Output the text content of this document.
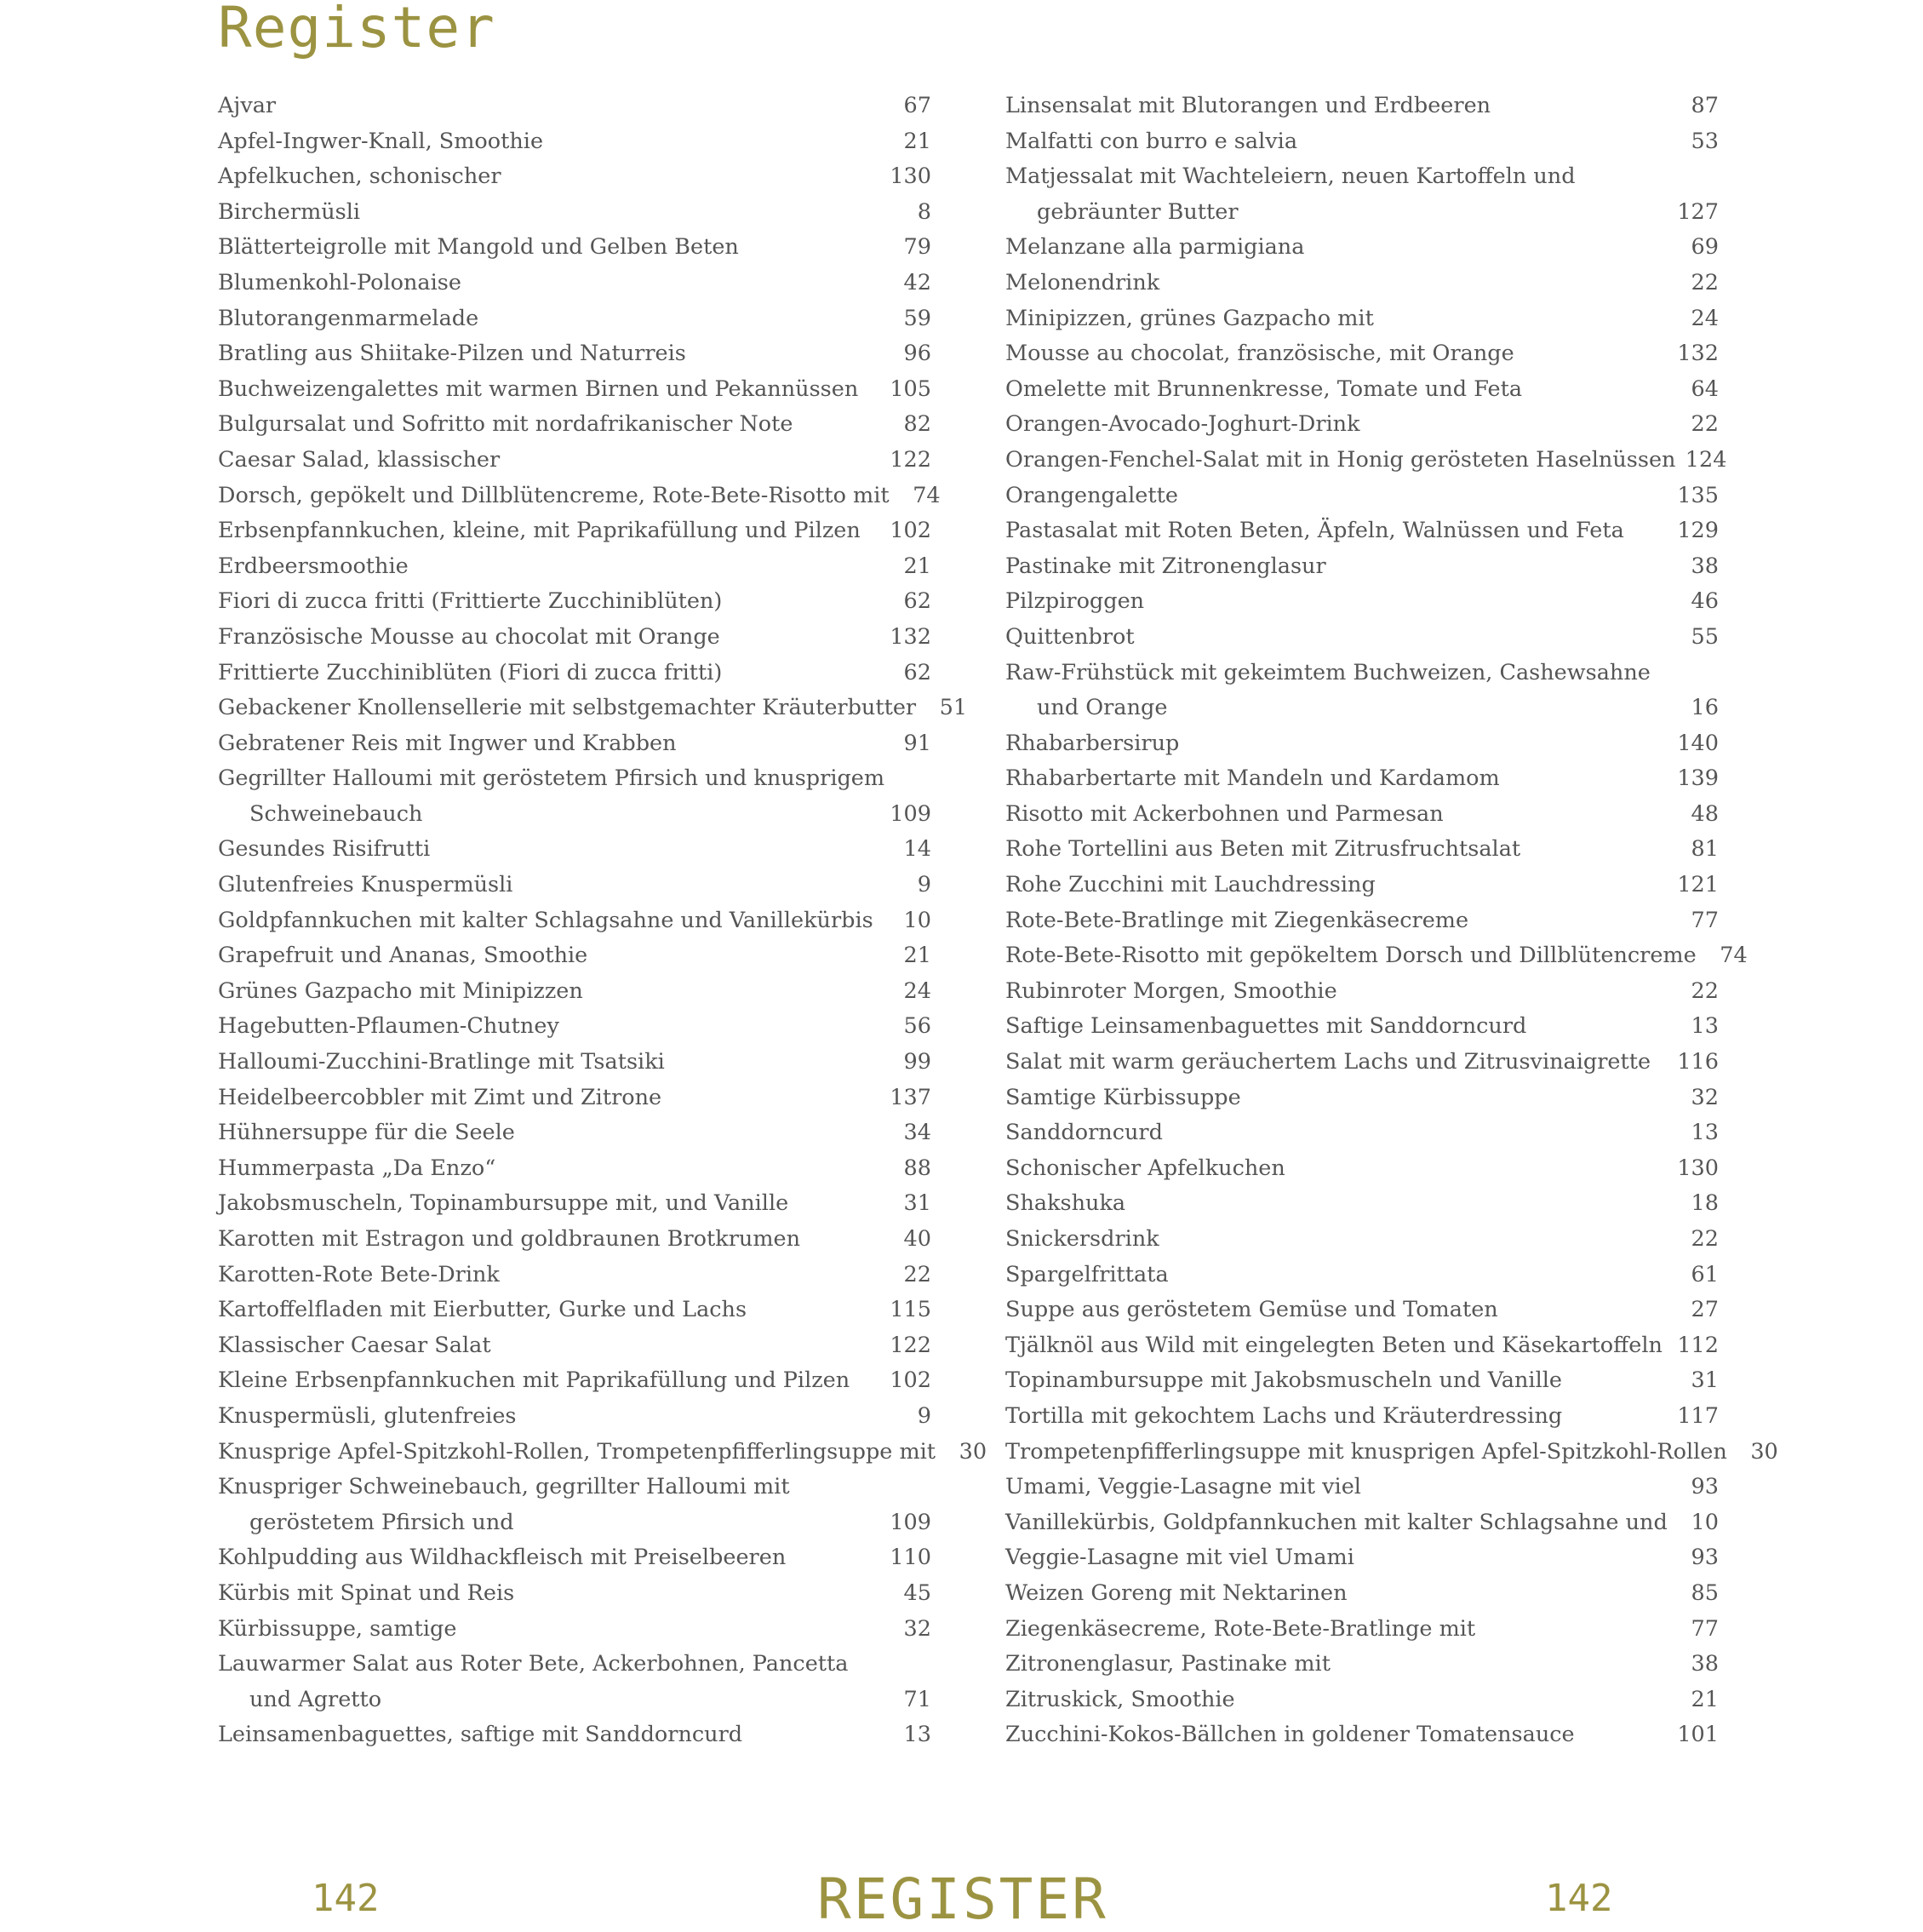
Register
Ajvar	67
Apfel-Ingwer-Knall, Smoothie	21
Apfelkuchen, schonischer	130
Birchermüsli	8
Blätterteigrolle mit Mangold und Gelben Beten	79
Blumenkohl-Polonaise	42
Blutorangenmarmelade	59
Bratling aus Shiitake-Pilzen und Naturreis	96
Buchweizengalettes mit warmen Birnen und Pekannüssen	105
Bulgursalat und Sofritto mit nordafrikanischer Note	82
Caesar Salad, klassischer	122
Dorsch, gepökelt und Dillblütencreme, Rote-Bete-Risotto mit	74
Erbsenpfannkuchen, kleine, mit Paprikafüllung und Pilzen	102
Erdbeersmoothie	21
Fiori di zucca fritti (Frittierte Zucchiniblüten)	62
Französische Mousse au chocolat mit Orange	132
Frittierte Zucchiniblüten (Fiori di zucca fritti)	62
Gebackener Knollensellerie mit selbstgemachter Kräuterbutter	51
Gebratener Reis mit Ingwer und Krabben	91
Gegrillter Halloumi mit geröstetem Pfirsich und knusprigem
Schweinebauch	109
Gesundes Risifrutti	14
Glutenfreies Knuspermüsli	9
Goldpfannkuchen mit kalter Schlagsahne und Vanillekürbis	10
Grapefruit und Ananas, Smoothie	21
Grünes Gazpacho mit Minipizzen	24
Hagebutten-Pflaumen-Chutney	56
Halloumi-Zucchini-Bratlinge mit Tsatsiki	99
Heidelbeercobbler mit Zimt und Zitrone	137
Hühnersuppe für die Seele	34
Hummerpasta „Da Enzo“	88
Jakobsmuscheln, Topinambursuppe mit, und Vanille	31
Karotten mit Estragon und goldbraunen Brotkrumen	40
Karotten-Rote Bete-Drink	22
Kartoffelfladen mit Eierbutter, Gurke und Lachs	115
Klassischer Caesar Salat	122
Kleine Erbsenpfannkuchen mit Paprikafüllung und Pilzen	102
Knuspermüsli, glutenfreies	9
Knusprige Apfel-Spitzkohl-Rollen, Trompetenpfifferlingsuppe mit	30
Knuspriger Schweinebauch, gegrillter Halloumi mit
geröstetem Pfirsich und	109
Kohlpudding aus Wildhackfleisch mit Preiselbeeren	110
Kürbis mit Spinat und Reis	45
Kürbissuppe, samtige	32
Lauwarmer Salat aus Roter Bete, Ackerbohnen, Pancetta
und Agretto	71
Leinsamenbaguettes, saftige mit Sanddorncurd	13
Linsensalat mit Blutorangen und Erdbeeren	87
Malfatti con burro e salvia	53
Matjessalat mit Wachteleiern, neuen Kartoffeln und
gebräunter Butter	127
Melanzane alla parmigiana	69
Melonendrink	22
Minipizzen, grünes Gazpacho mit	24
Mousse au chocolat, französische, mit Orange	132
Omelette mit Brunnenkresse, Tomate und Feta	64
Orangen-Avocado-Joghurt-Drink	22
Orangen-Fenchel-Salat mit in Honig gerösteten Haselnüssen 124
Orangengalette	135
Pastasalat mit Roten Beten, Äpfeln, Walnüssen und Feta	129
Pastinake mit Zitronenglasur	38
Pilzpiroggen	46
Quittenbrot	55
Raw-Frühstück mit gekeimtem Buchweizen, Cashewsahne
und Orange	16
Rhabarbersirup	140
Rhabarbertarte mit Mandeln und Kardamom	139
Risotto mit Ackerbohnen und Parmesan	48
Rohe Tortellini aus Beten mit Zitrusfruchtsalat	81
Rohe Zucchini mit Lauchdressing	121
Rote-Bete-Bratlinge mit Ziegenkäsecreme	77
Rote-Bete-Risotto mit gepökeltem Dorsch und Dillblütencreme	74
Rubinroter Morgen, Smoothie	22
Saftige Leinsamenbaguettes mit Sanddorncurd	13
Salat mit warm geräuchertem Lachs und Zitrusvinaigrette	116
Samtige Kürbissuppe	32
Sanddorncurd	13
Schonischer Apfelkuchen	130
Shakshuka	18
Snickersdrink	22
Spargelfrittata	61
Suppe aus geröstetem Gemüse und Tomaten	27
Tjälknöl aus Wild mit eingelegten Beten und Käsekartoffeln 112
Topinambursuppe mit Jakobsmuscheln und Vanille	31
Tortilla mit gekochtem Lachs und Kräuterdressing	117
Trompetenpfifferlingsuppe mit knusprigen Apfel-Spitzkohl-Rollen	30
Umami, Veggie-Lasagne mit viel	93
Vanillekürbis, Goldpfannkuchen mit kalter Schlagsahne und	10
Veggie-Lasagne mit viel Umami	93
Weizen Goreng mit Nektarinen	85
Ziegenkäsecreme, Rote-Bete-Bratlinge mit	77
Zitronenglasur, Pastinake mit	38
Zitruskick, Smoothie	21
Zucchini-Kokos-Bällchen in goldener Tomatensauce	101
142	REGISTER	142
